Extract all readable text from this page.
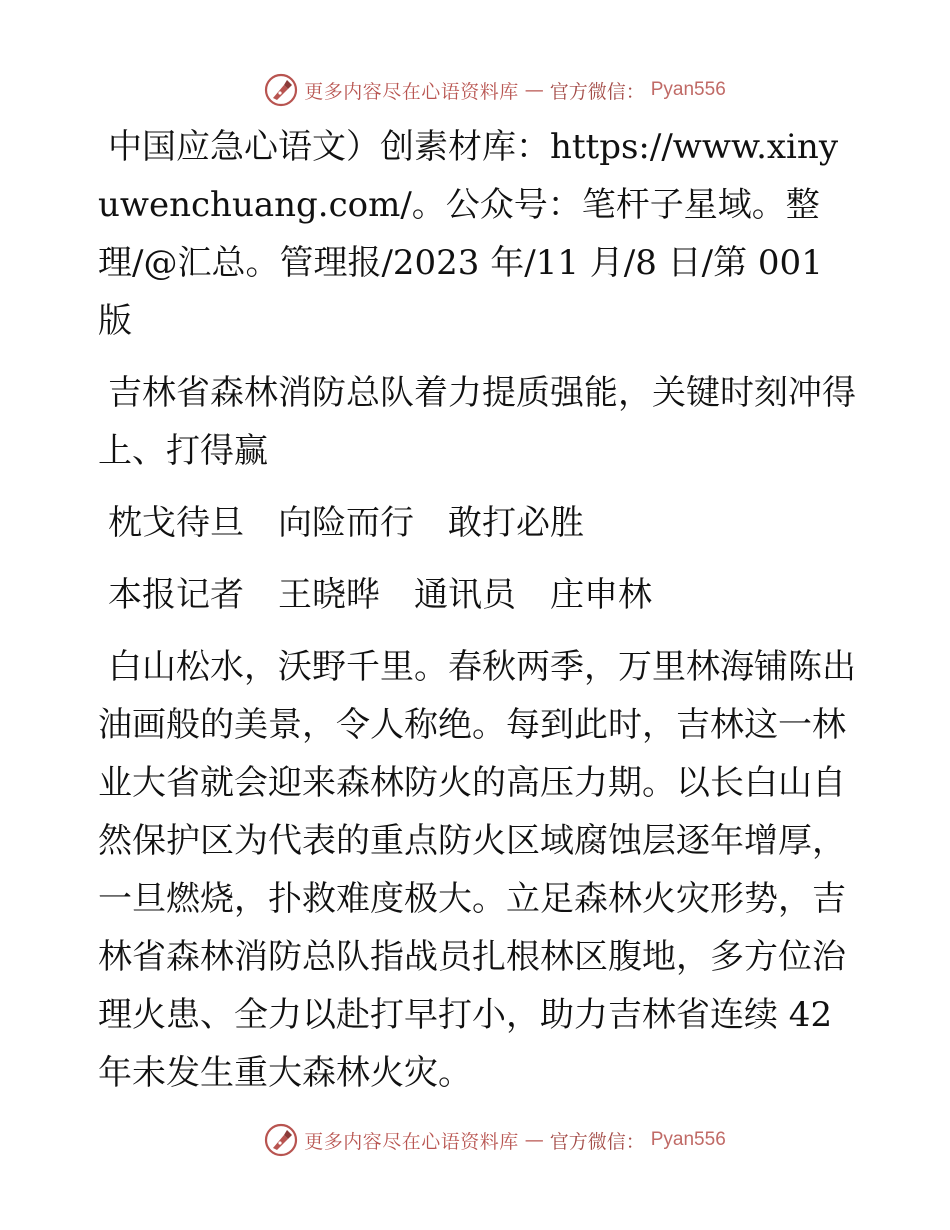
更多内容尽在心语资料库 — 官方微信： Pyan556

中国应急心语文）创素材库：https://www.xinyuwenchuang.com/。公众号：笔杆子星域。整理/@汇总。管理报/2023 年/11 月/8 日/第 001 版

吉林省森林消防总队着力提质强能，关键时刻冲得上、打得赢

枕戈待旦　向险而行　敢打必胜

本报记者　王晓晔　通讯员　庄申林

白山松水，沃野千里。春秋两季，万里林海铺陈出油画般的美景，令人称绝。每到此时，吉林这一林业大省就会迎来森林防火的高压力期。以长白山自然保护区为代表的重点防火区域腐蚀层逐年增厚，一旦燃烧，扑救难度极大。立足森林火灾形势，吉林省森林消防总队指战员扎根林区腹地，多方位治理火患、全力以赴打早打小，助力吉林省连续 42 年未发生重大森林火灾。

更多内容尽在心语资料库 — 官方微信： Pyan556
